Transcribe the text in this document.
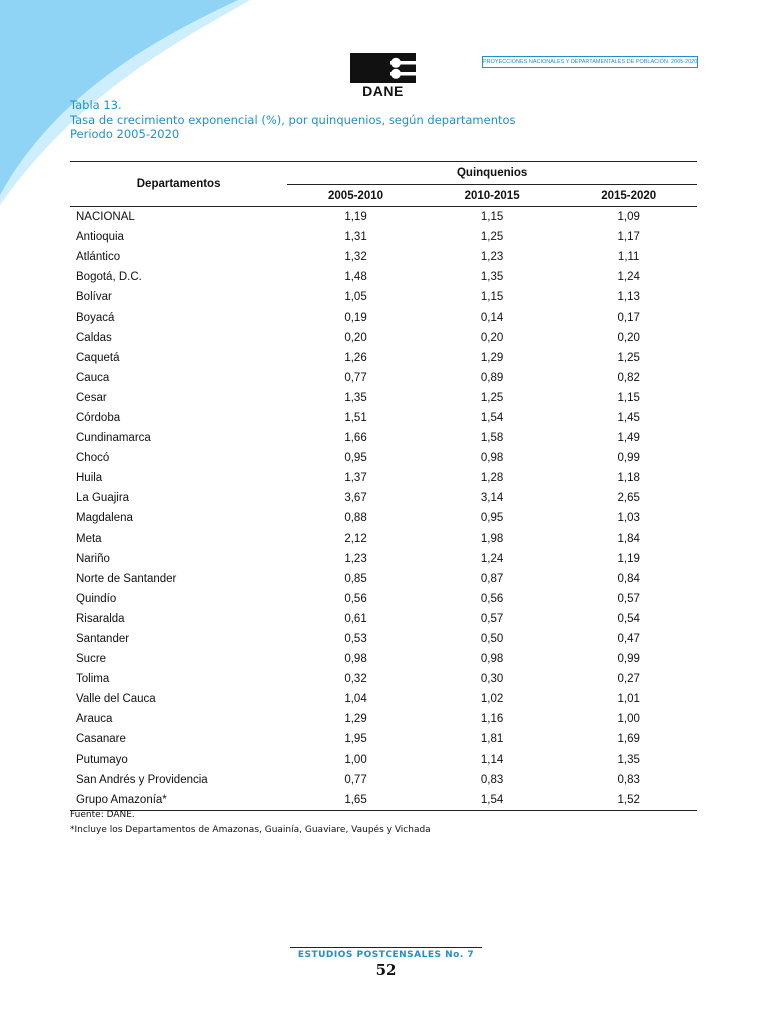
DANE
PROYECCIONES NACIONALES Y DEPARTAMENTALES DE POBLACIÓN. 2005-2020
Tabla 13.
Tasa de crecimiento exponencial (%), por quinquenios, según departamentos
Periodo 2005-2020
Departamentos	Quinquenios		
	2005-2010	2010-2015	2015-2020
NACIONAL	1,19	1,15	1,09
Antioquia	1,31	1,25	1,17
Atlántico	1,32	1,23	1,11
Bogotá, D.C.	1,48	1,35	1,24
Bolívar	1,05	1,15	1,13
Boyacá	0,19	0,14	0,17
Caldas	0,20	0,20	0,20
Caquetá	1,26	1,29	1,25
Cauca	0,77	0,89	0,82
Cesar	1,35	1,25	1,15
Córdoba	1,51	1,54	1,45
Cundinamarca	1,66	1,58	1,49
Chocó	0,95	0,98	0,99
Huila	1,37	1,28	1,18
La Guajira	3,67	3,14	2,65
Magdalena	0,88	0,95	1,03
Meta	2,12	1,98	1,84
Nariño	1,23	1,24	1,19
Norte de Santander	0,85	0,87	0,84
Quindío	0,56	0,56	0,57
Risaralda	0,61	0,57	0,54
Santander	0,53	0,50	0,47
Sucre	0,98	0,98	0,99
Tolima	0,32	0,30	0,27
Valle del Cauca	1,04	1,02	1,01
Arauca	1,29	1,16	1,00
Casanare	1,95	1,81	1,69
Putumayo	1,00	1,14	1,35
San Andrés y Providencia	0,77	0,83	0,83
Grupo Amazonía*	1,65	1,54	1,52
Fuente: DANE.
*Incluye los Departamentos de Amazonas, Guainía, Guaviare, Vaupés y Vichada
ESTUDIOS POSTCENSALES No. 7
52
